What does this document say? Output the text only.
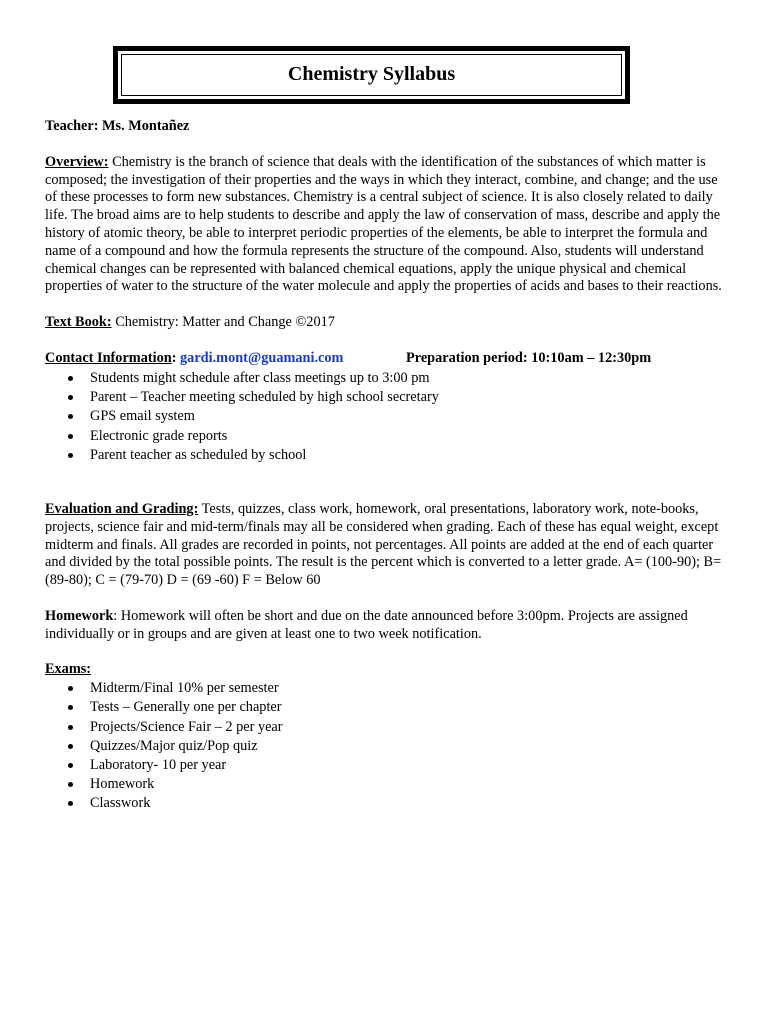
Chemistry Syllabus

Teacher: Ms. Montañez

Overview: Chemistry is the branch of science that deals with the identification of the substances of which matter is composed; the investigation of their properties and the ways in which they interact, combine, and change; and the use of these processes to form new substances. Chemistry is a central subject of science. It is also closely related to daily life. The broad aims are to help students to describe and apply the law of conservation of mass, describe and apply the history of atomic theory, be able to interpret periodic properties of the elements, be able to interpret the formula and name of a compound and how the formula represents the structure of the compound. Also, students will understand chemical changes can be represented with balanced chemical equations, apply the unique physical and chemical properties of water to the structure of the water molecule and apply the properties of acids and bases to their reactions.

Text Book: Chemistry: Matter and Change ©2017

Contact Information: gardi.mont@guamani.com	Preparation period: 10:10am – 12:30pm
Students might schedule after class meetings up to 3:00 pm
Parent – Teacher meeting scheduled by high school secretary
GPS email system
Electronic grade reports
Parent teacher as scheduled by school

Evaluation and Grading: Tests, quizzes, class work, homework, oral presentations, laboratory work, note-books, projects, science fair and mid-term/finals may all be considered when grading. Each of these has equal weight, except midterm and finals. All grades are recorded in points, not percentages. All points are added at the end of each quarter and divided by the total possible points. The result is the percent which is converted to a letter grade. A= (100-90); B= (89-80); C = (79-70) D = (69 -60) F = Below 60

Homework: Homework will often be short and due on the date announced before 3:00pm. Projects are assigned individually or in groups and are given at least one to two week notification.

Exams:

Midterm/Final 10% per semester
Tests – Generally one per chapter
Projects/Science Fair – 2 per year
Quizzes/Major quiz/Pop quiz
Laboratory- 10 per year
Homework
Classwork
